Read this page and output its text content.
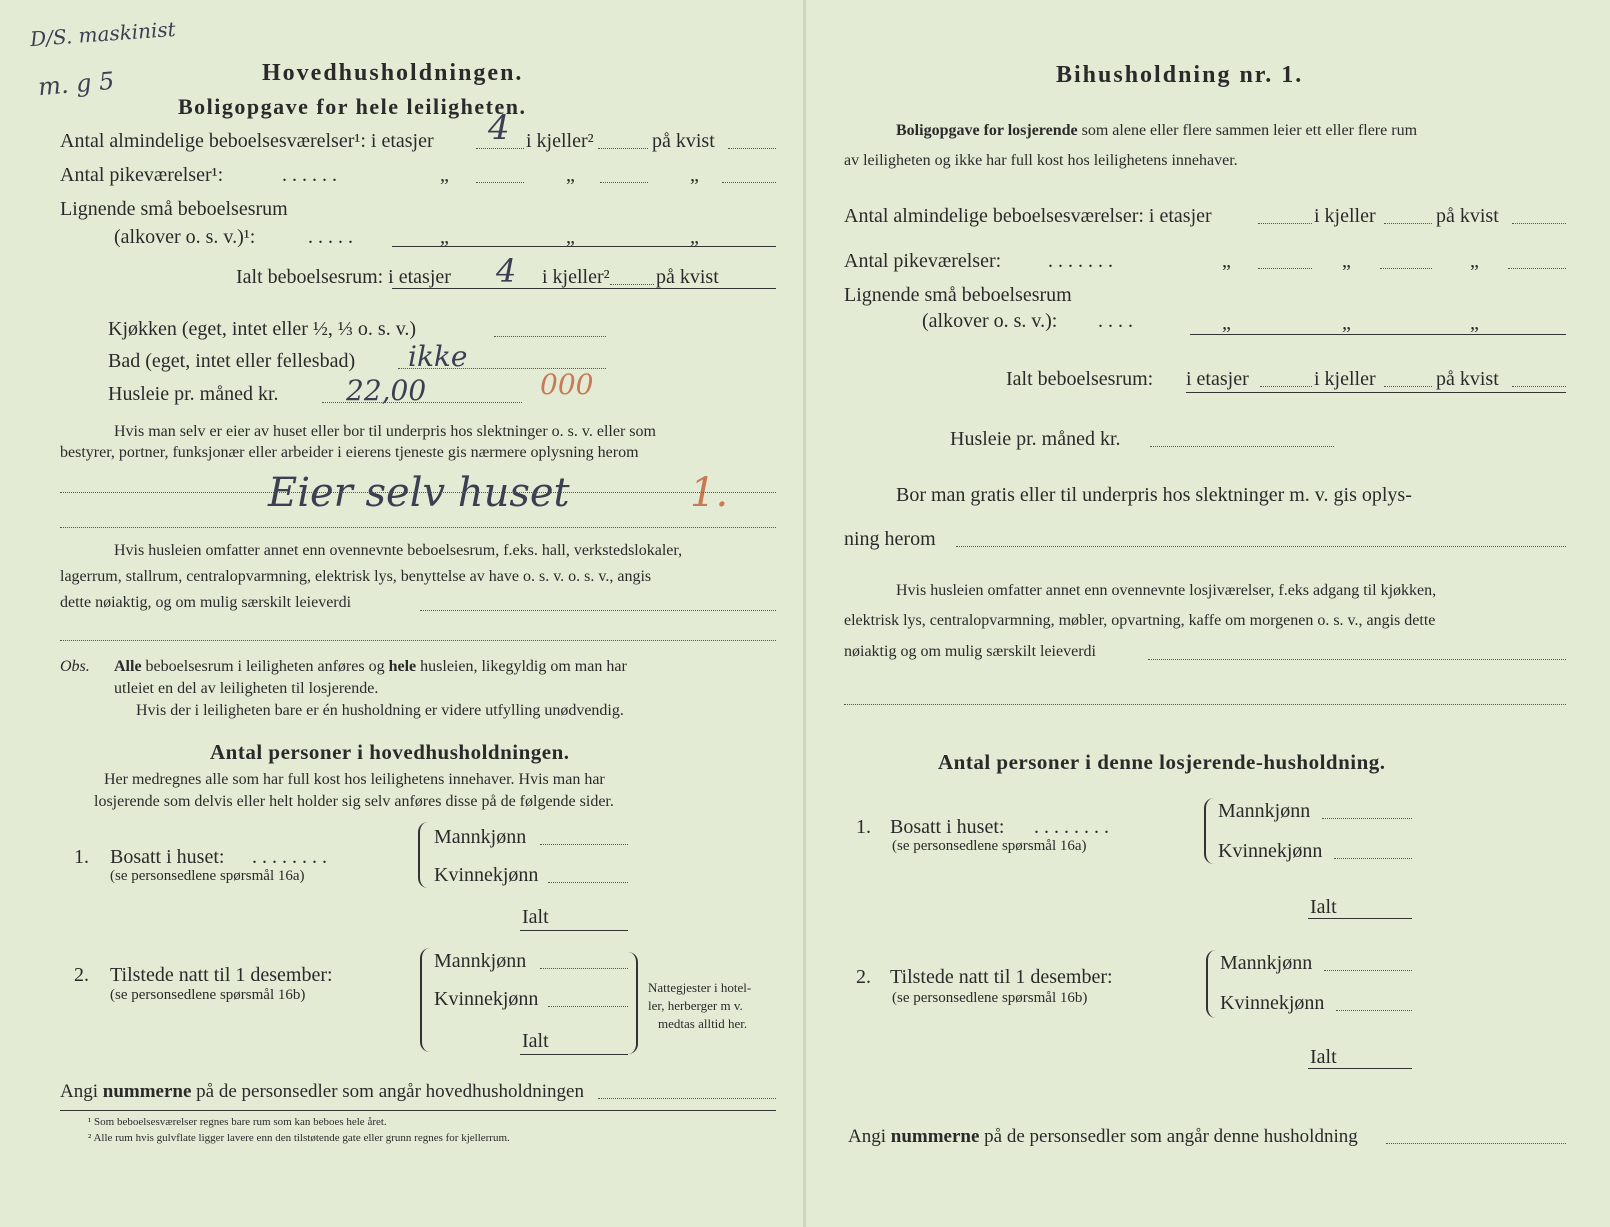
D/S. maskinist
m. g 5	Hovedhusholdningen.
Boligopgave for hele leiligheten.
Antal almindelige beboelsesværelser¹: i etasjer 4 i kjeller²	på kvist
Antal pikeværelser¹:	. . . . . .	„	„	„
Lignende små beboelsesrum
(alkover o. s. v.)¹:	. . . . .	„	„	„
Ialt beboelsesrum: i etasjer 4 i kjeller² på kvist
Kjøkken (eget, intet eller ½, ⅓ o. s. v.)
Bad (eget, intet eller fellesbad) ikke
Husleie pr. måned kr. 22,00	000
Hvis man selv er eier av huset eller bor til underpris hos slektninger o. s. v. eller som
bestyrer, portner, funksjonær eller arbeider i eierens tjeneste gis nærmere oplysning herom
Eier selv huset	1.
Hvis husleien omfatter annet enn ovennevnte beboelsesrum, f.eks. hall, verkstedslokaler,
lagerrum, stallrum, centralopvarmning, elektrisk lys, benyttelse av have o. s. v. o. s. v., angis
dette nøiaktig, og om mulig særskilt leieverdi
Obs. Alle beboelsesrum i leiligheten anføres og hele husleien, likegyldig om man har
utleiet en del av leiligheten til losjerende.
Hvis der i leiligheten bare er én husholdning er videre utfylling unødvendig.
Antal personer i hovedhusholdningen.
Her medregnes alle som har full kost hos leilighetens innehaver. Hvis man har
losjerende som delvis eller helt holder sig selv anføres disse på de følgende sider.
1. Bosatt i huset: . . . . . . . .
(se personsedlene spørsmål 16a)
Mannkjønn
Kvinnekjønn
Ialt
2. Tilstede natt til 1 desember:
(se personsedlene spørsmål 16b)
Mannkjønn
Kvinnekjønn
Ialt
Nattegjester i hotel-
ler, herberger m v.
medtas alltid her.
Angi nummerne på de personsedler som angår hovedhusholdningen
¹ Som beboelsesværelser regnes bare rum som kan beboes hele året.
² Alle rum hvis gulvflate ligger lavere enn den tilstøtende gate eller grunn regnes for kjellerrum.
Bihusholdning nr. 1.
Boligopgave for losjerende som alene eller flere sammen leier ett eller flere rum
av leiligheten og ikke har full kost hos leilighetens innehaver.
Antal almindelige beboelsesværelser: i etasjer	i kjeller	på kvist
Antal pikeværelser: . . . . . . .	„	„	„
Lignende små beboelsesrum
(alkover o. s. v.): . . . .	„	„	„
Ialt beboelsesrum: i etasjer	i kjeller	på kvist
Husleie pr. måned kr.
Bor man gratis eller til underpris hos slektninger m. v. gis oplys-
ning herom
Hvis husleien omfatter annet enn ovennevnte losjiværelser, f.eks adgang til kjøkken,
elektrisk lys, centralopvarmning, møbler, opvartning, kaffe om morgenen o. s. v., angis dette
nøiaktig og om mulig særskilt leieverdi
Antal personer i denne losjerende-husholdning.
1. Bosatt i huset: . . . . . . . .
(se personsedlene spørsmål 16a)
Mannkjønn
Kvinnekjønn
Ialt
2. Tilstede natt til 1 desember:
(se personsedlene spørsmål 16b)
Mannkjønn
Kvinnekjønn
Ialt
Angi nummerne på de personsedler som angår denne husholdning
